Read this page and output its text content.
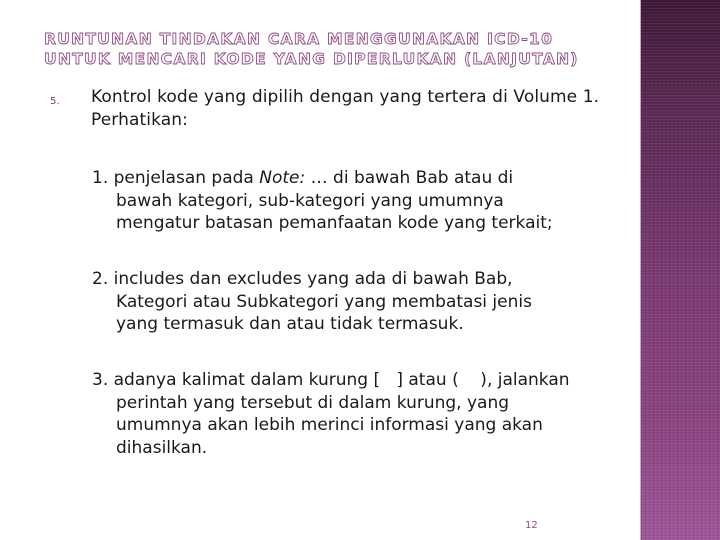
RUNTUNAN TINDAKAN CARA MENGGUNAKAN ICD-10
UNTUK MENCARI KODE YANG DIPERLUKAN (LANJUTAN)
5. Kontrol kode yang dipilih dengan yang tertera di Volume 1.
Perhatikan:
1. penjelasan pada Note: … di bawah Bab atau di
bawah kategori, sub-kategori yang umumnya
mengatur batasan pemanfaatan kode yang terkait;
2. includes dan excludes yang ada di bawah Bab,
Kategori atau Subkategori yang membatasi jenis
yang termasuk dan atau tidak termasuk.
3. adanya kalimat dalam kurung [   ] atau (    ), jalankan
perintah yang tersebut di dalam kurung, yang
umumnya akan lebih merinci informasi yang akan
dihasilkan.
12
